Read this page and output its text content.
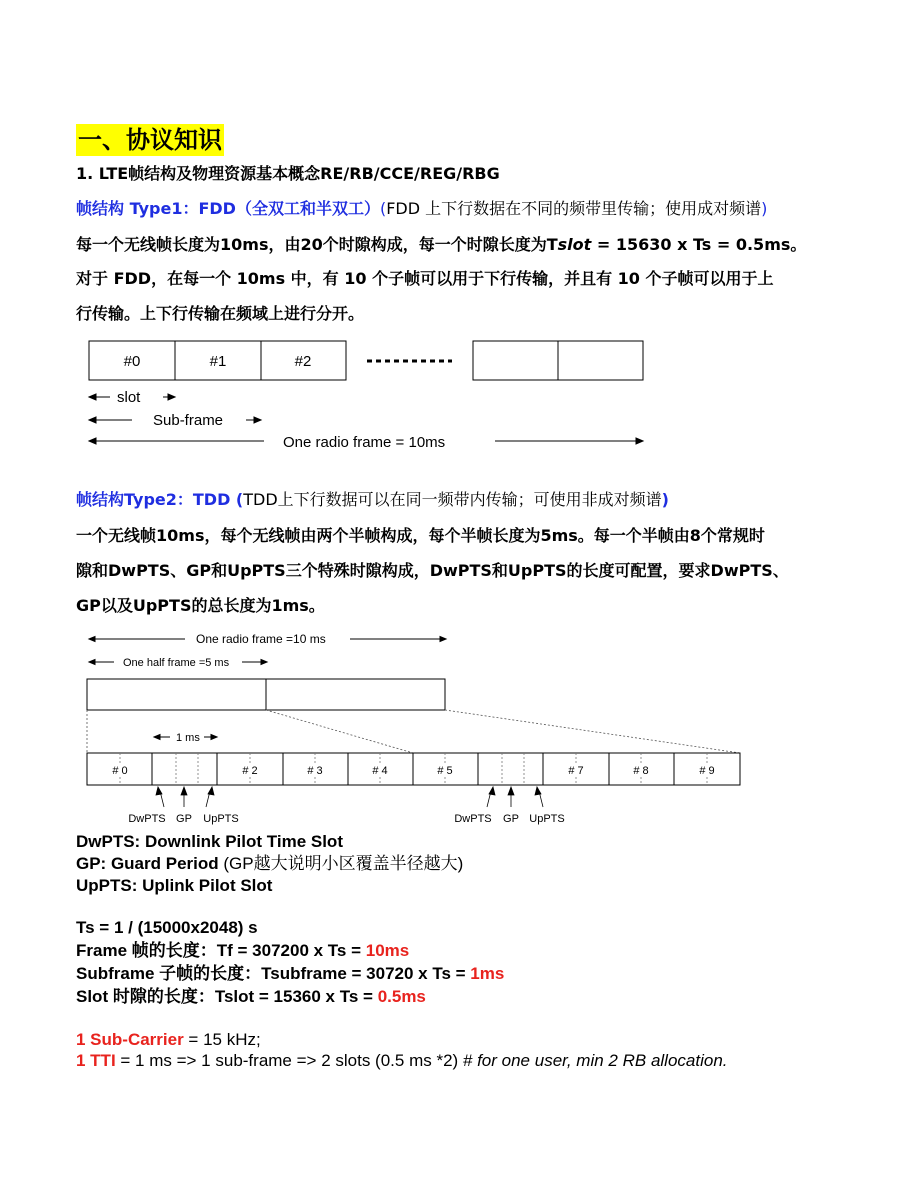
一、协议知识
1. LTE帧结构及物理资源基本概念RE/RB/CCE/REG/RBG
帧结构 Type1：FDD（全双工和半双工）(FDD 上下行数据在不同的频带里传输；使用成对频谱)
每一个无线帧长度为10ms，由20个时隙构成，每一个时隙长度为Tslot = 15630 x Ts = 0.5ms。
对于 FDD，在每一个 10ms 中，有 10 个子帧可以用于下行传输，并且有 10 个子帧可以用于上
行传输。上下行传输在频域上进行分开。
#0	#1	#2
slot
Sub-frame
One radio frame = 10ms
帧结构Type2：TDD (TDD上下行数据可以在同一频带内传输；可使用非成对频谱)
一个无线帧10ms，每个无线帧由两个半帧构成，每个半帧长度为5ms。每一个半帧由8个常规时
隙和DwPTS、GP和UpPTS三个特殊时隙构成，DwPTS和UpPTS的长度可配置，要求DwPTS、
GP以及UpPTS的总长度为1ms。
One radio frame =10 ms
One half frame =5 ms
1 ms
# 0	# 2	# 3	# 4	# 5	# 7	# 8	# 9
DwPTS GP UpPTS	DwPTS GP UpPTS
DwPTS: Downlink Pilot Time Slot
GP: Guard Period (GP越大说明小区覆盖半径越大)
UpPTS: Uplink Pilot Slot
Ts = 1 / (15000x2048) s
Frame 帧的长度：Tf = 307200 x Ts = 10ms
Subframe 子帧的长度：Tsubframe = 30720 x Ts = 1ms
Slot 时隙的长度：Tslot = 15360 x Ts = 0.5ms
1 Sub-Carrier = 15 kHz;
1 TTI = 1 ms => 1 sub-frame => 2 slots (0.5 ms *2) # for one user, min 2 RB allocation.
